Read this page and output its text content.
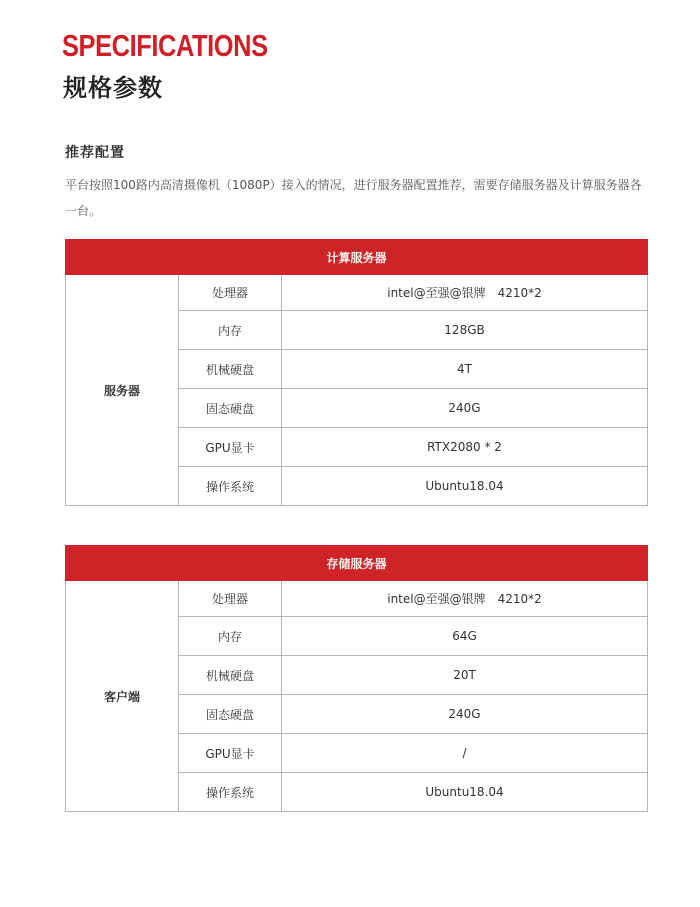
SPECIFICATIONS
规格参数
推荐配置
平台按照100路内高清摄像机（1080P）接入的情况，进行服务器配置推荐，需要存储服务器及计算服务器各一台。
计算服务器		
服务器	处理器	intel@至强@银牌　4210*2
	内存	128GB
	机械硬盘	4T
	固态硬盘	240G
	GPU显卡	RTX2080 * 2
	操作系统	Ubuntu18.04
存储服务器		
客户端	处理器	intel@至强@银牌　4210*2
	内存	64G
	机械硬盘	20T
	固态硬盘	240G
	GPU显卡	/
	操作系统	Ubuntu18.04
